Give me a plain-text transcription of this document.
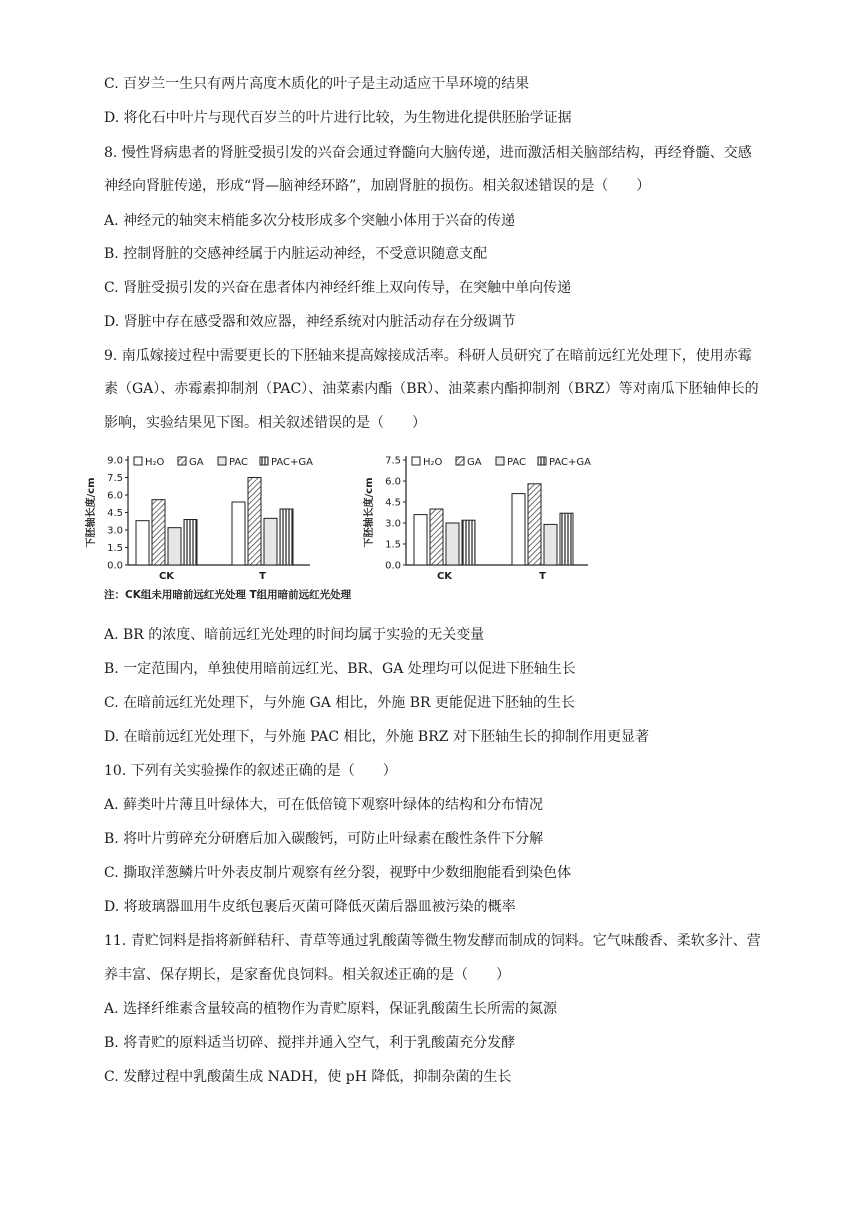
C. 百岁兰一生只有两片高度木质化的叶子是主动适应干旱环境的结果
D. 将化石中叶片与现代百岁兰的叶片进行比较，为生物进化提供胚胎学证据
8. 慢性肾病患者的肾脏受损引发的兴奋会通过脊髓向大脑传递，进而激活相关脑部结构，再经脊髓、交感
神经向肾脏传递，形成“肾—脑神经环路”，加剧肾脏的损伤。相关叙述错误的是（　　）
A. 神经元的轴突末梢能多次分枝形成多个突触小体用于兴奋的传递
B. 控制肾脏的交感神经属于内脏运动神经，不受意识随意支配
C. 肾脏受损引发的兴奋在患者体内神经纤维上双向传导，在突触中单向传递
D. 肾脏中存在感受器和效应器，神经系统对内脏活动存在分级调节
9. 南瓜嫁接过程中需要更长的下胚轴来提高嫁接成活率。科研人员研究了在暗前远红光处理下，使用赤霉
素（GA）、赤霉素抑制剂（PAC）、油菜素内酯（BR）、油菜素内酯抑制剂（BRZ）等对南瓜下胚轴伸长的
影响，实验结果见下图。相关叙述错误的是（　　）
A. BR 的浓度、暗前远红光处理的时间均属于实验的无关变量
B. 一定范围内，单独使用暗前远红光、BR、GA 处理均可以促进下胚轴生长
C. 在暗前远红光处理下，与外施 GA 相比，外施 BR 更能促进下胚轴的生长
D. 在暗前远红光处理下，与外施 PAC 相比，外施 BRZ 对下胚轴生长的抑制作用更显著
10. 下列有关实验操作的叙述正确的是（　　）
A. 藓类叶片薄且叶绿体大，可在低倍镜下观察叶绿体的结构和分布情况
B. 将叶片剪碎充分研磨后加入碳酸钙，可防止叶绿素在酸性条件下分解
C. 撕取洋葱鳞片叶外表皮制片观察有丝分裂，视野中少数细胞能看到染色体
D. 将玻璃器皿用牛皮纸包裹后灭菌可降低灭菌后器皿被污染的概率
11. 青贮饲料是指将新鲜秸秆、青草等通过乳酸菌等微生物发酵而制成的饲料。它气味酸香、柔软多汁、营
养丰富、保存期长，是家畜优良饲料。相关叙述正确的是（　　）
A. 选择纤维素含量较高的植物作为青贮原料，保证乳酸菌生长所需的氮源
B. 将青贮的原料适当切碎、搅拌并通入空气，利于乳酸菌充分发酵
C. 发酵过程中乳酸菌生成 NADH，使 pH 降低，抑制杂菌的生长
0.0
1.5
3.0
4.5
6.0
7.5
9.0
下胚轴长度/cm
CK	T
H₂O GA	PAC PAC+GA
0.0
1.5
3.0
4.5
6.0
7.5
下胚轴长度/cm
CK	T
H₂O GA	PAC PAC+GA
注：CK组未用暗前远红光处理 T组用暗前远红光处理
